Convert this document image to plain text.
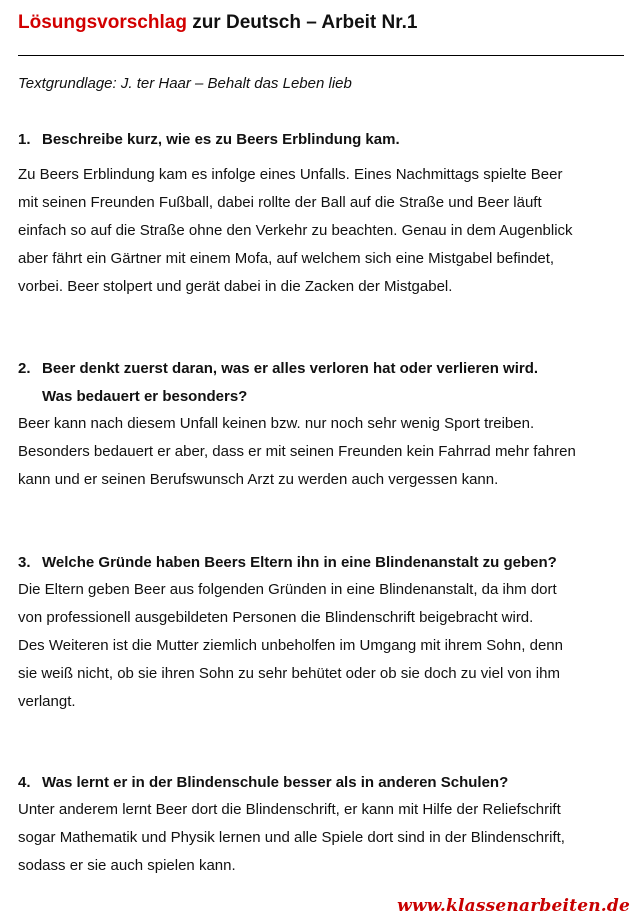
Lösungsvorschlag zur Deutsch – Arbeit Nr.1
Textgrundlage: J. ter Haar – Behalt das Leben lieb
1. Beschreibe kurz, wie es zu Beers Erblindung kam.
Zu Beers Erblindung kam es infolge eines Unfalls. Eines Nachmittags spielte Beer
mit seinen Freunden Fußball, dabei rollte der Ball auf die Straße und Beer läuft
einfach so auf die Straße ohne den Verkehr zu beachten. Genau in dem Augenblick
aber fährt ein Gärtner mit einem Mofa, auf welchem sich eine Mistgabel befindet,
vorbei. Beer stolpert und gerät dabei in die Zacken der Mistgabel.
2. Beer denkt zuerst daran, was er alles verloren hat oder verlieren wird.
Was bedauert er besonders?
Beer kann nach diesem Unfall keinen bzw. nur noch sehr wenig Sport treiben.
Besonders bedauert er aber, dass er mit seinen Freunden kein Fahrrad mehr fahren
kann und er seinen Berufswunsch Arzt zu werden auch vergessen kann.
3. Welche Gründe haben Beers Eltern ihn in eine Blindenanstalt zu geben?
Die Eltern geben Beer aus folgenden Gründen in eine Blindenanstalt, da ihm dort
von professionell ausgebildeten Personen die Blindenschrift beigebracht wird.
Des Weiteren ist die Mutter ziemlich unbeholfen im Umgang mit ihrem Sohn, denn
sie weiß nicht, ob sie ihren Sohn zu sehr behütet oder ob sie doch zu viel von ihm
verlangt.
4. Was lernt er in der Blindenschule besser als in anderen Schulen?
Unter anderem lernt Beer dort die Blindenschrift, er kann mit Hilfe der Reliefschrift
sogar Mathematik und Physik lernen und alle Spiele dort sind in der Blindenschrift,
sodass er sie auch spielen kann.
www.klassenarbeiten.de
